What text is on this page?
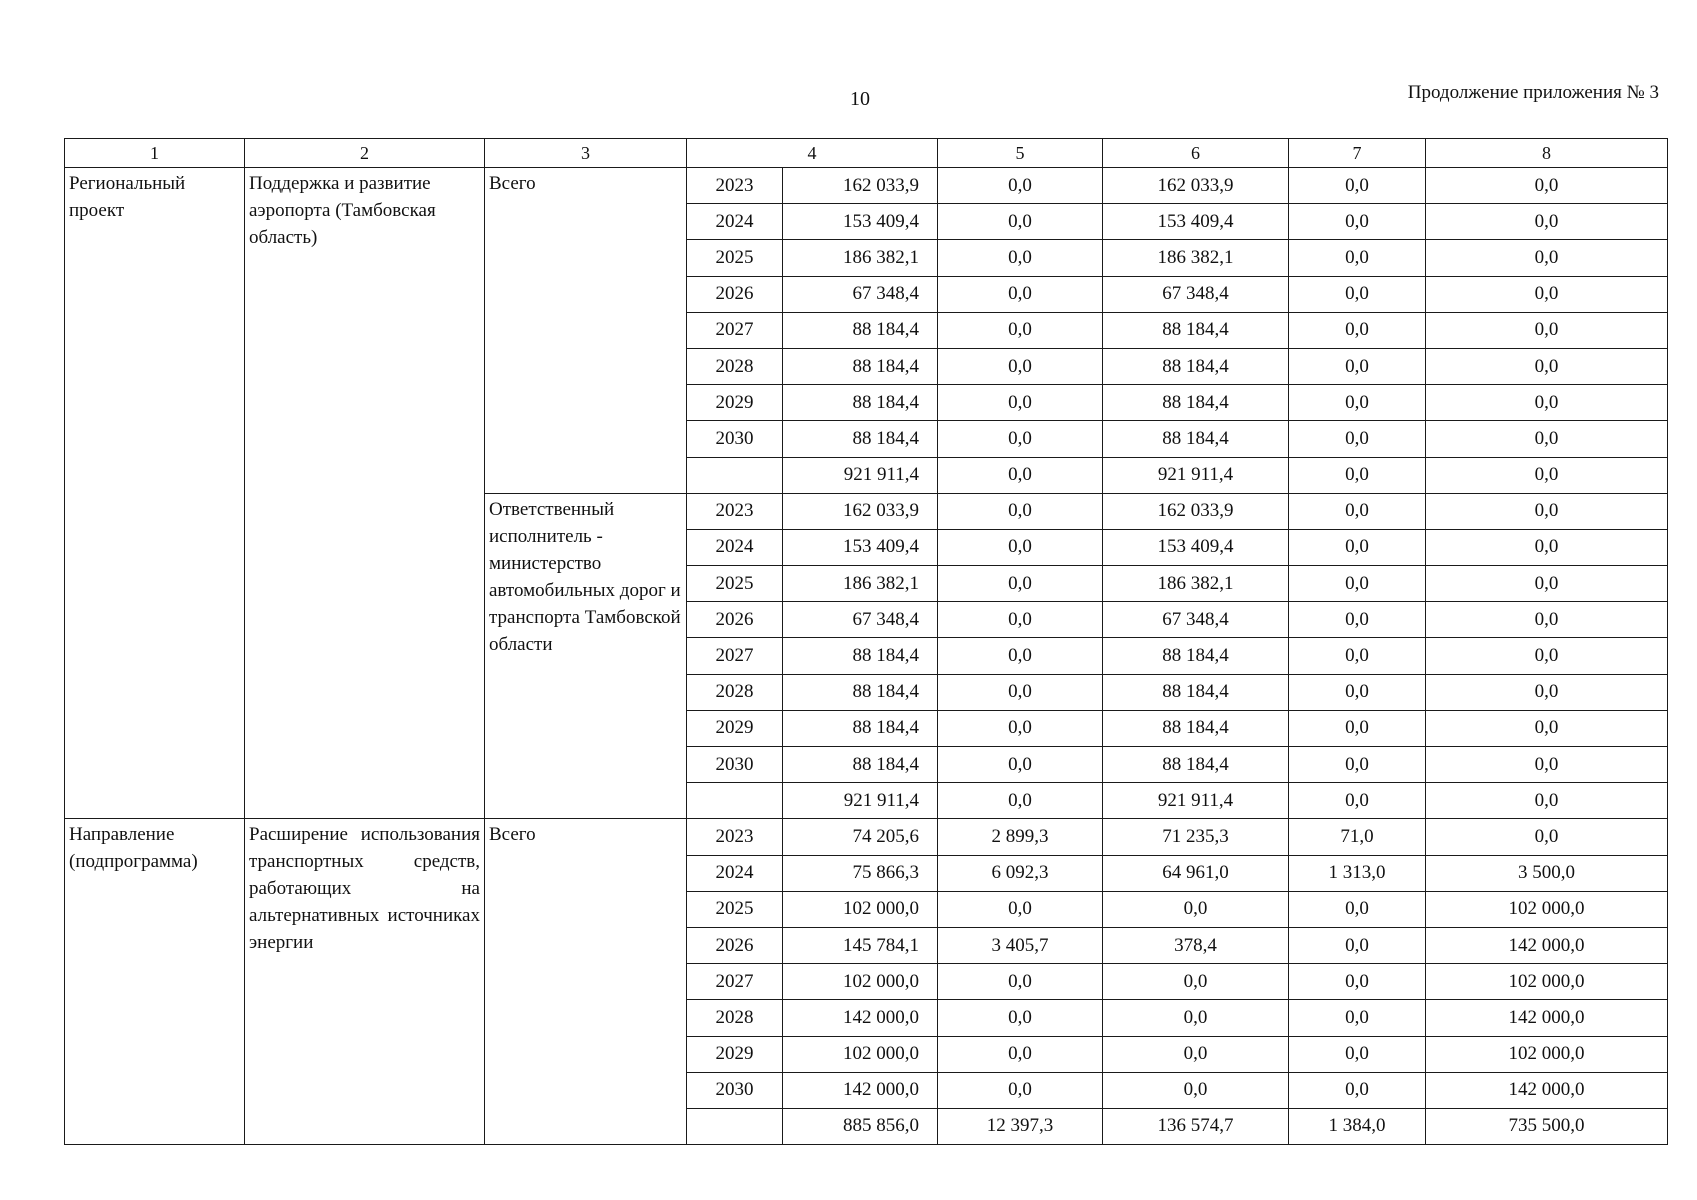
10	Продолжение приложения № 3
1	2	3	4		5	6	7	8
Региональный проект	Поддержка и развитие аэропорта (Тамбовская область)	Всего	2023	162 033,9	0,0	162 033,9	0,0	0,0
			2024	153 409,4	0,0	153 409,4	0,0	0,0
			2025	186 382,1	0,0	186 382,1	0,0	0,0
			2026	67 348,4	0,0	67 348,4	0,0	0,0
			2027	88 184,4	0,0	88 184,4	0,0	0,0
			2028	88 184,4	0,0	88 184,4	0,0	0,0
			2029	88 184,4	0,0	88 184,4	0,0	0,0
			2030	88 184,4	0,0	88 184,4	0,0	0,0
				921 911,4	0,0	921 911,4	0,0	0,0
		Ответственный исполнитель - министерство автомобильных дорог и транспорта Тамбовской области	2023	162 033,9	0,0	162 033,9	0,0	0,0
			2024	153 409,4	0,0	153 409,4	0,0	0,0
			2025	186 382,1	0,0	186 382,1	0,0	0,0
			2026	67 348,4	0,0	67 348,4	0,0	0,0
			2027	88 184,4	0,0	88 184,4	0,0	0,0
			2028	88 184,4	0,0	88 184,4	0,0	0,0
			2029	88 184,4	0,0	88 184,4	0,0	0,0
			2030	88 184,4	0,0	88 184,4	0,0	0,0
				921 911,4	0,0	921 911,4	0,0	0,0
Направление (подпрограмма)	Расширение использования транспортных средств, работающих на альтернативных источниках энергии	Всего	2023	74 205,6	2 899,3	71 235,3	71,0	0,0
			2024	75 866,3	6 092,3	64 961,0	1 313,0	3 500,0
			2025	102 000,0	0,0	0,0	0,0	102 000,0
			2026	145 784,1	3 405,7	378,4	0,0	142 000,0
			2027	102 000,0	0,0	0,0	0,0	102 000,0
			2028	142 000,0	0,0	0,0	0,0	142 000,0
			2029	102 000,0	0,0	0,0	0,0	102 000,0
			2030	142 000,0	0,0	0,0	0,0	142 000,0
				885 856,0	12 397,3	136 574,7	1 384,0	735 500,0
